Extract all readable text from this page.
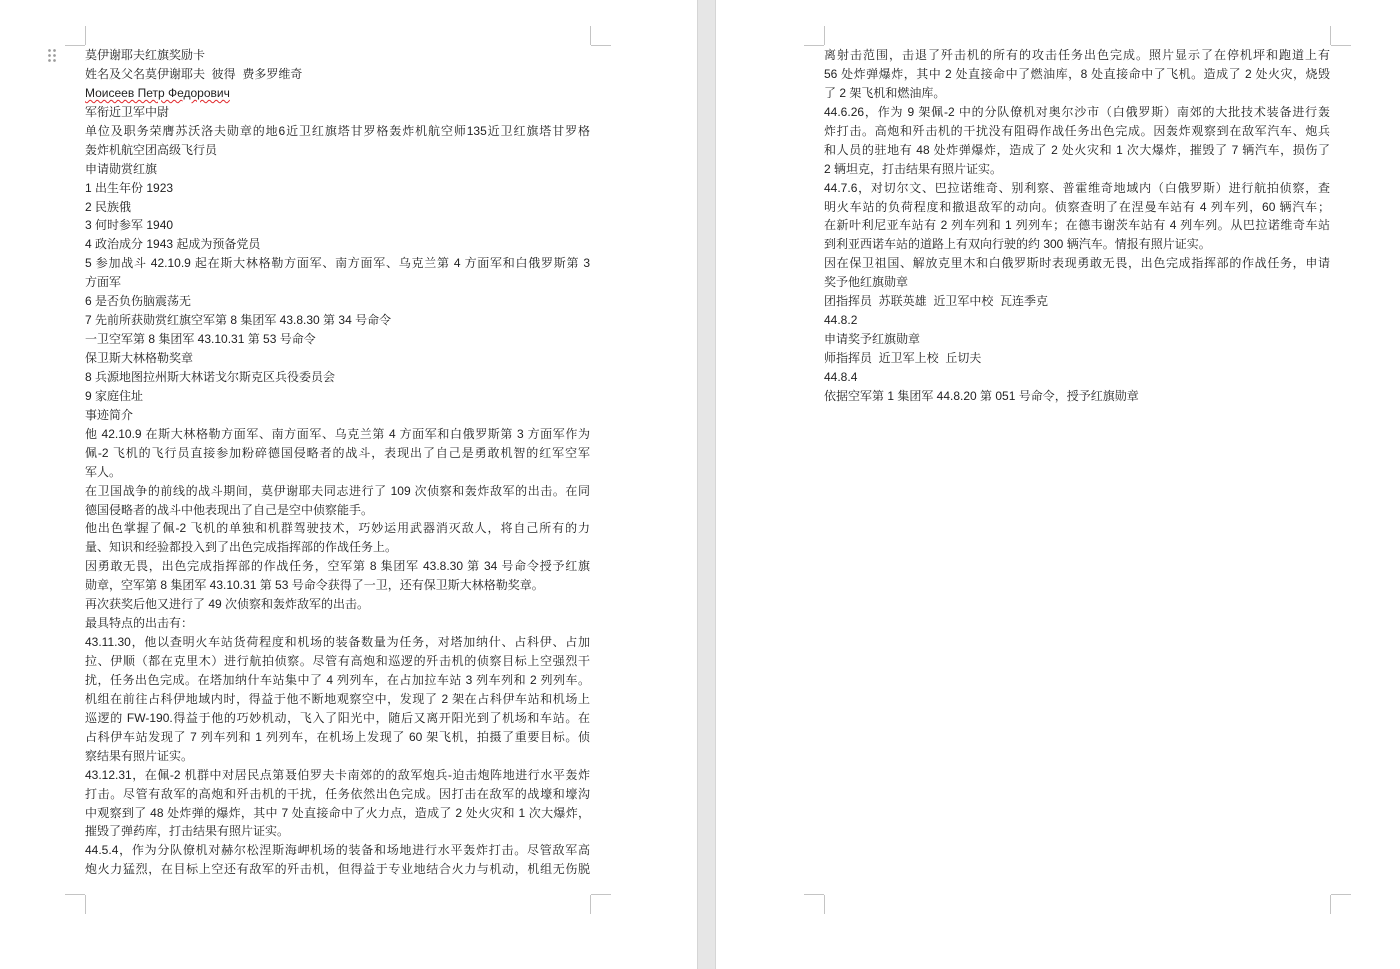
莫伊谢耶夫红旗奖励卡
姓名及父名莫伊谢耶夫  彼得  费多罗维奇
Моисеев Петр Федорович
军衔近卫军中尉
单位及职务荣膺苏沃洛夫勋章的地6近卫红旗塔甘罗格轰炸机航空师135近卫红旗塔甘罗格
轰炸机航空团高级飞行员
申请勋赏红旗
1 出生年份 1923
2 民族俄
3 何时参军 1940
4 政治成分 1943 起成为预备党员
5 参加战斗 42.10.9 起在斯大林格勒方面军、南方面军、乌克兰第 4 方面军和白俄罗斯第 3
方面军
6 是否负伤脑震荡无
7 先前所获勋赏红旗空军第 8 集团军 43.8.30 第 34 号命令
一卫空军第 8 集团军 43.10.31 第 53 号命令
保卫斯大林格勒奖章
8 兵源地图拉州斯大林诺戈尔斯克区兵役委员会
9 家庭住址
事迹简介
他 42.10.9 在斯大林格勒方面军、南方面军、乌克兰第 4 方面军和白俄罗斯第 3 方面军作为
佩-2 飞机的飞行员直接参加粉碎德国侵略者的战斗，表现出了自己是勇敢机智的红军空军
军人。
在卫国战争的前线的战斗期间，莫伊谢耶夫同志进行了 109 次侦察和轰炸敌军的出击。在同
德国侵略者的战斗中他表现出了自己是空中侦察能手。
他出色掌握了佩-2 飞机的单独和机群驾驶技术，巧妙运用武器消灭敌人，将自己所有的力
量、知识和经验都投入到了出色完成指挥部的作战任务上。
因勇敢无畏，出色完成指挥部的作战任务，空军第 8 集团军 43.8.30 第 34 号命令授予红旗
勋章，空军第 8 集团军 43.10.31 第 53 号命令获得了一卫，还有保卫斯大林格勒奖章。
再次获奖后他又进行了 49 次侦察和轰炸敌军的出击。
最具特点的出击有：
43.11.30，他以查明火车站货荷程度和机场的装备数量为任务，对塔加纳什、占科伊、占加
拉、伊顺（都在克里木）进行航拍侦察。尽管有高炮和巡逻的歼击机的侦察目标上空强烈干
扰，任务出色完成。在塔加纳什车站集中了 4 列列车，在占加拉车站 3 列车列和 2 列列车。
机组在前往占科伊地域内时，得益于他不断地观察空中，发现了 2 架在占科伊车站和机场上
巡逻的 FW-190.得益于他的巧妙机动，飞入了阳光中，随后又离开阳光到了机场和车站。在
占科伊车站发现了 7 列车列和 1 列列车，在机场上发现了 60 架飞机，拍摄了重要目标。侦
察结果有照片证实。
43.12.31，在佩-2 机群中对居民点第聂伯罗夫卡南郊的的敌军炮兵-迫击炮阵地进行水平轰炸
打击。尽管有敌军的高炮和歼击机的干扰，任务依然出色完成。因打击在敌军的战壕和壕沟
中观察到了 48 处炸弹的爆炸，其中 7 处直接命中了火力点，造成了 2 处火灾和 1 次大爆炸，
摧毁了弹药库，打击结果有照片证实。
44.5.4，作为分队僚机对赫尔松涅斯海岬机场的装备和场地进行水平轰炸打击。尽管敌军高
炮火力猛烈，在目标上空还有敌军的歼击机，但得益于专业地结合火力与机动，机组无伤脱
离射击范围，击退了歼击机的所有的攻击任务出色完成。照片显示了在停机坪和跑道上有
56 处炸弹爆炸，其中 2 处直接命中了燃油库，8 处直接命中了飞机。造成了 2 处火灾，烧毁
了 2 架飞机和燃油库。
44.6.26，作为 9 架佩-2 中的分队僚机对奥尔沙市（白俄罗斯）南郊的大批技术装备进行轰
炸打击。高炮和歼击机的干扰没有阻碍作战任务出色完成。因轰炸观察到在敌军汽车、炮兵
和人员的驻地有 48 处炸弹爆炸，造成了 2 处火灾和 1 次大爆炸，摧毁了 7 辆汽车，损伤了
2 辆坦克，打击结果有照片证实。
44.7.6，对切尔文、巴拉诺维奇、别利察、普霍维奇地域内（白俄罗斯）进行航拍侦察，查
明火车站的负荷程度和撤退敌军的动向。侦察查明了在涅曼车站有 4 列车列，60 辆汽车；
在新叶利尼亚车站有 2 列车列和 1 列列车；在德韦谢茨车站有 4 列车列。从巴拉诺维奇车站
到利亚西诺车站的道路上有双向行驶的约 300 辆汽车。情报有照片证实。
因在保卫祖国、解放克里木和白俄罗斯时表现勇敢无畏，出色完成指挥部的作战任务，申请
奖予他红旗勋章
团指挥员  苏联英雄  近卫军中校  瓦连季克
44.8.2
申请奖予红旗勋章
师指挥员  近卫军上校  丘切夫
44.8.4
依据空军第 1 集团军 44.8.20 第 051 号命令，授予红旗勋章
